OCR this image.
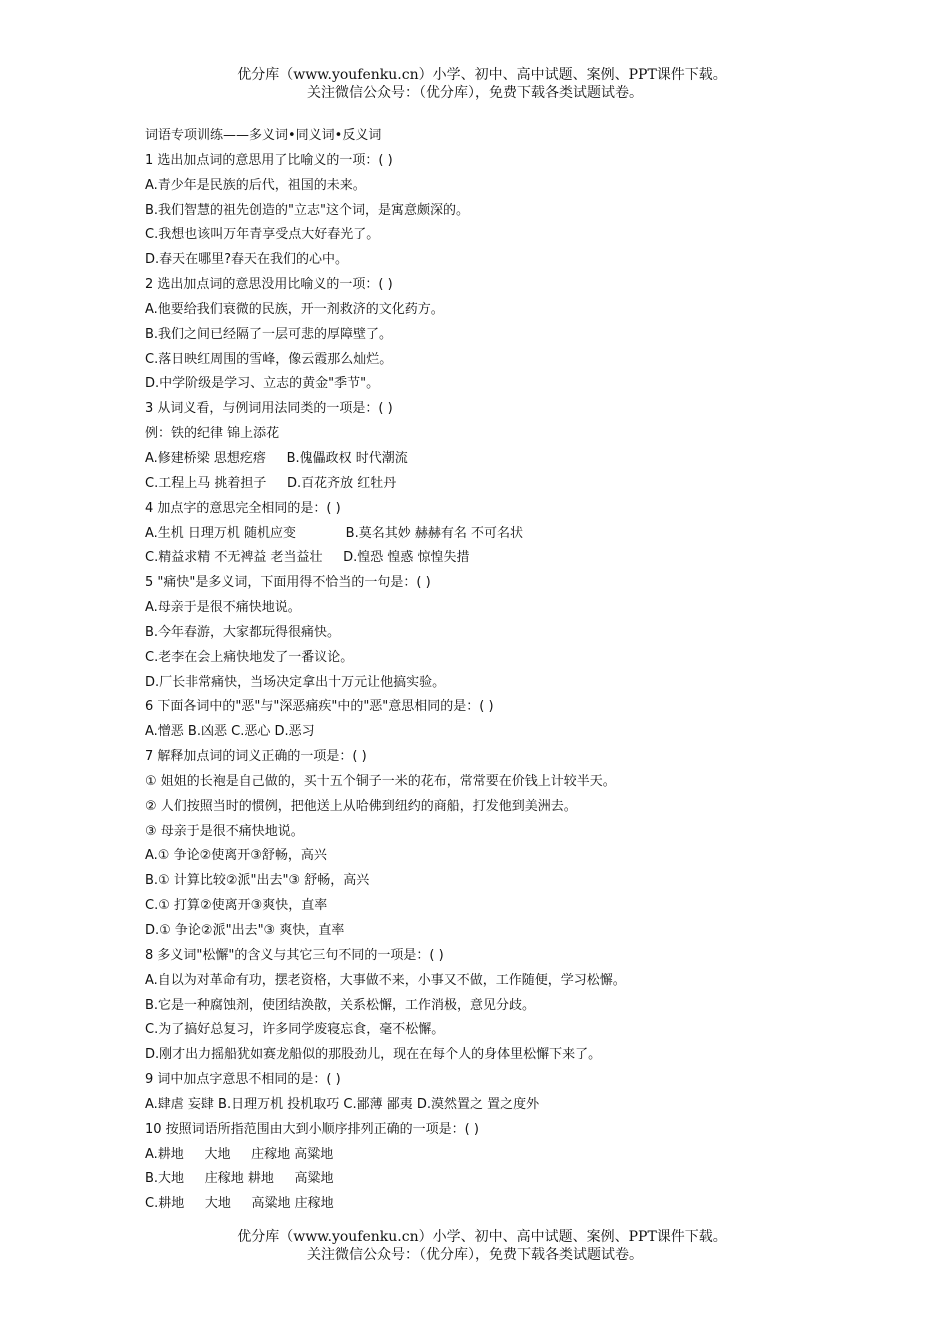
优分库（www.youfenku.cn）小学、初中、高中试题、案例、PPT课件下载。
关注微信公众号：（优分库），免费下载各类试题试卷。
词语专项训练——多义词•同义词•反义词
1 选出加点词的意思用了比喻义的一项：( )
A.青少年是民族的后代，祖国的未来。
B.我们智慧的祖先创造的"立志"这个词，是寓意颇深的。
C.我想也该叫万年青享受点大好春光了。
D.春天在哪里?春天在我们的心中。
2 选出加点词的意思没用比喻义的一项：( )
A.他要给我们衰微的民族，开一剂救济的文化药方。
B.我们之间已经隔了一层可悲的厚障壁了。
C.落日映红周围的雪峰，像云霞那么灿烂。
D.中学阶级是学习、立志的黄金"季节"。
3 从词义看，与例词用法同类的一项是：( )
例：铁的纪律 锦上添花
A.修建桥梁 思想疙瘩     B.傀儡政权 时代潮流
C.工程上马 挑着担子     D.百花齐放 红牡丹
4 加点字的意思完全相同的是：( )
A.生机 日理万机 随机应变            B.莫名其妙 赫赫有名 不可名状
C.精益求精 不无裨益 老当益壮     D.惶恐 惶惑 惊惶失措
5 "痛快"是多义词，下面用得不恰当的一句是：( )
A.母亲于是很不痛快地说。
B.今年春游，大家都玩得很痛快。
C.老李在会上痛快地发了一番议论。
D.厂长非常痛快，当场决定拿出十万元让他搞实验。
6 下面各词中的"恶"与"深恶痛疾"中的"恶"意思相同的是：( )
A.憎恶 B.凶恶 C.恶心 D.恶习
7 解释加点词的词义正确的一项是：( )
① 姐姐的长袍是自己做的，买十五个铜子一米的花布，常常要在价钱上计较半天。
② 人们按照当时的惯例，把他送上从哈佛到纽约的商船，打发他到美洲去。
③ 母亲于是很不痛快地说。
A.① 争论②使离开③舒畅，高兴
B.① 计算比较②派"出去"③ 舒畅，高兴
C.① 打算②使离开③爽快，直率
D.① 争论②派"出去"③ 爽快，直率
8 多义词"松懈"的含义与其它三句不同的一项是：( )
A.自以为对革命有功，摆老资格，大事做不来，小事又不做，工作随便，学习松懈。
B.它是一种腐蚀剂，使团结涣散，关系松懈，工作消极，意见分歧。
C.为了搞好总复习，许多同学废寝忘食，毫不松懈。
D.刚才出力摇船犹如赛龙船似的那股劲儿，现在在每个人的身体里松懈下来了。
9 词中加点字意思不相同的是：( )
A.肆虐 妄肆 B.日理万机 投机取巧 C.鄙薄 鄙夷 D.漠然置之 置之度外
10 按照词语所指范围由大到小顺序排列正确的一项是：( )
A.耕地     大地     庄稼地 高粱地
B.大地     庄稼地 耕地     高粱地
C.耕地     大地     高粱地 庄稼地
优分库（www.youfenku.cn）小学、初中、高中试题、案例、PPT课件下载。
关注微信公众号：（优分库），免费下载各类试题试卷。
